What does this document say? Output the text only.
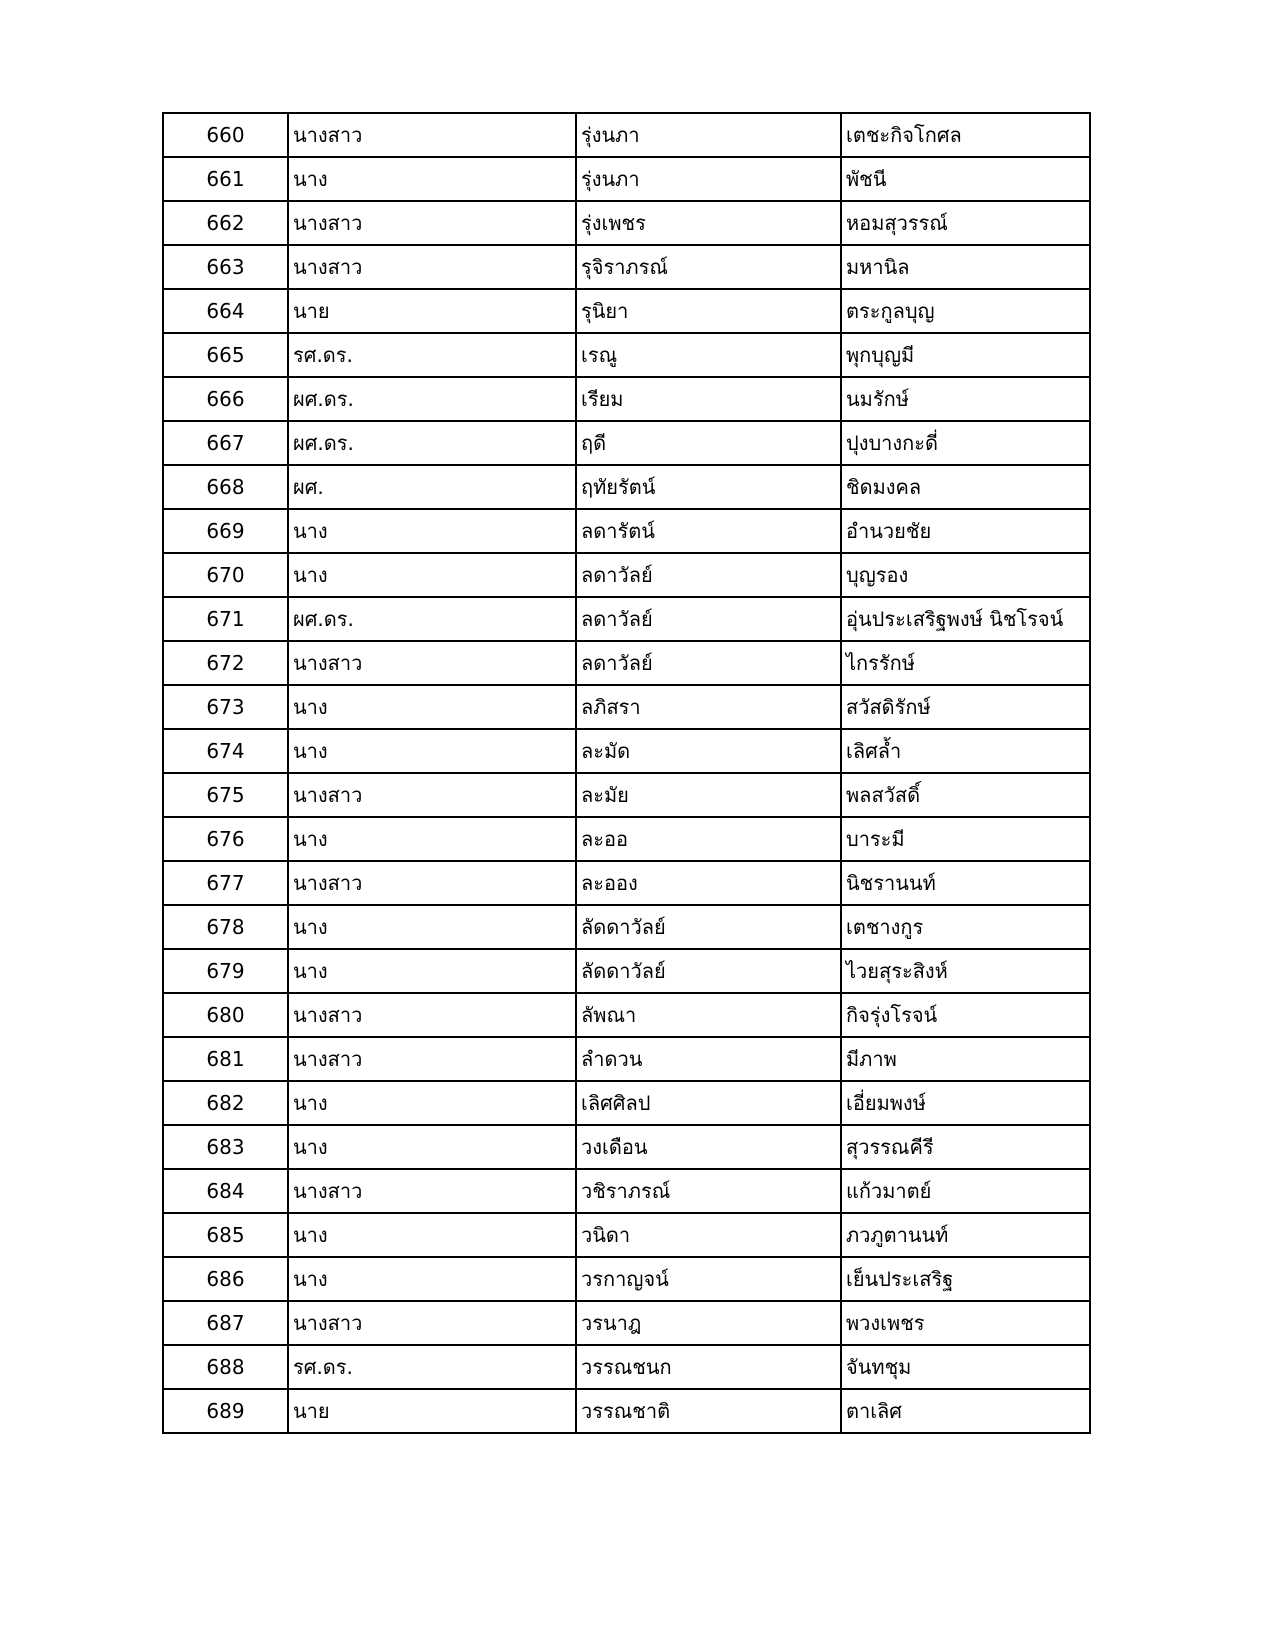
660	นางสาว	รุ่งนภา	เตชะกิจโกศล
661	นาง	รุ่งนภา	พัชนี
662	นางสาว	รุ่งเพชร	หอมสุวรรณ์
663	นางสาว	รุจิราภรณ์	มหานิล
664	นาย	รุนิยา	ตระกูลบุญ
665	รศ.ดร.	เรณู	พุกบุญมี
666	ผศ.ดร.	เรียม	นมรักษ์
667	ผศ.ดร.	ฤดี	ปุงบางกะดี่
668	ผศ.	ฤทัยรัตน์	ชิดมงคล
669	นาง	ลดารัตน์	อำนวยชัย
670	นาง	ลดาวัลย์	บุญรอง
671	ผศ.ดร.	ลดาวัลย์	อุ่นประเสริฐพงษ์ นิชโรจน์
672	นางสาว	ลดาวัลย์	ไกรรักษ์
673	นาง	ลภิสรา	สวัสดิรักษ์
674	นาง	ละมัด	เลิศล้ำ
675	นางสาว	ละมัย	พลสวัสดิ์
676	นาง	ละออ	บาระมี
677	นางสาว	ละออง	นิชรานนท์
678	นาง	ลัดดาวัลย์	เตชางกูร
679	นาง	ลัดดาวัลย์	ไวยสุระสิงห์
680	นางสาว	ลัพณา	กิจรุ่งโรจน์
681	นางสาว	ลำดวน	มีภาพ
682	นาง	เลิศศิลป	เอี่ยมพงษ์
683	นาง	วงเดือน	สุวรรณคีรี
684	นางสาว	วชิราภรณ์	แก้วมาตย์
685	นาง	วนิดา	ภวภูตานนท์
686	นาง	วรกาญจน์	เย็นประเสริฐ
687	นางสาว	วรนาฎ	พวงเพชร
688	รศ.ดร.	วรรณชนก	จันทชุม
689	นาย	วรรณชาติ	ตาเลิศ
